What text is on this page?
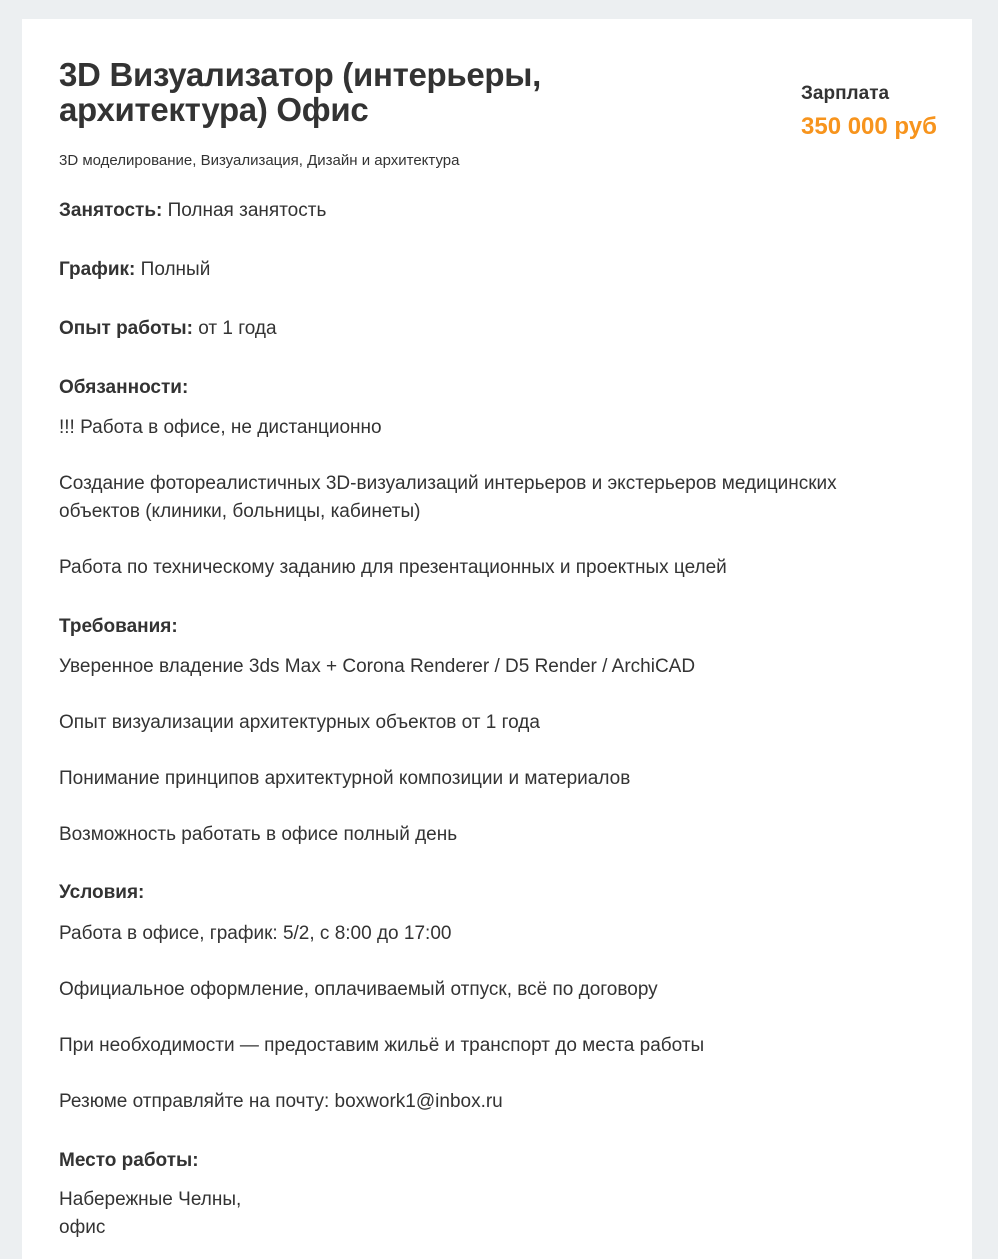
3D Визуализатор (интерьеры, архитектура) Офис	Зарплата
350 000 руб
3D моделирование, Визуализация, Дизайн и архитектура
Занятость: Полная занятость
График: Полный
Опыт работы: от 1 года
Обязанности:
!!! Работа в офисе, не дистанционно
Создание фотореалистичных 3D-визуализаций интерьеров и экстерьеров медицинских объектов (клиники, больницы, кабинеты)
Работа по техническому заданию для презентационных и проектных целей
Требования:
Уверенное владение 3ds Max + Corona Renderer / D5 Render / ArchiCAD
Опыт визуализации архитектурных объектов от 1 года
Понимание принципов архитектурной композиции и материалов
Возможность работать в офисе полный день
Условия:
Работа в офисе, график: 5/2, с 8:00 до 17:00
Официальное оформление, оплачиваемый отпуск, всё по договору
При необходимости — предоставим жильё и транспорт до места работы
Резюме отправляйте на почту: boxwork1@inbox.ru
Место работы:
Набережные Челны,
офис
